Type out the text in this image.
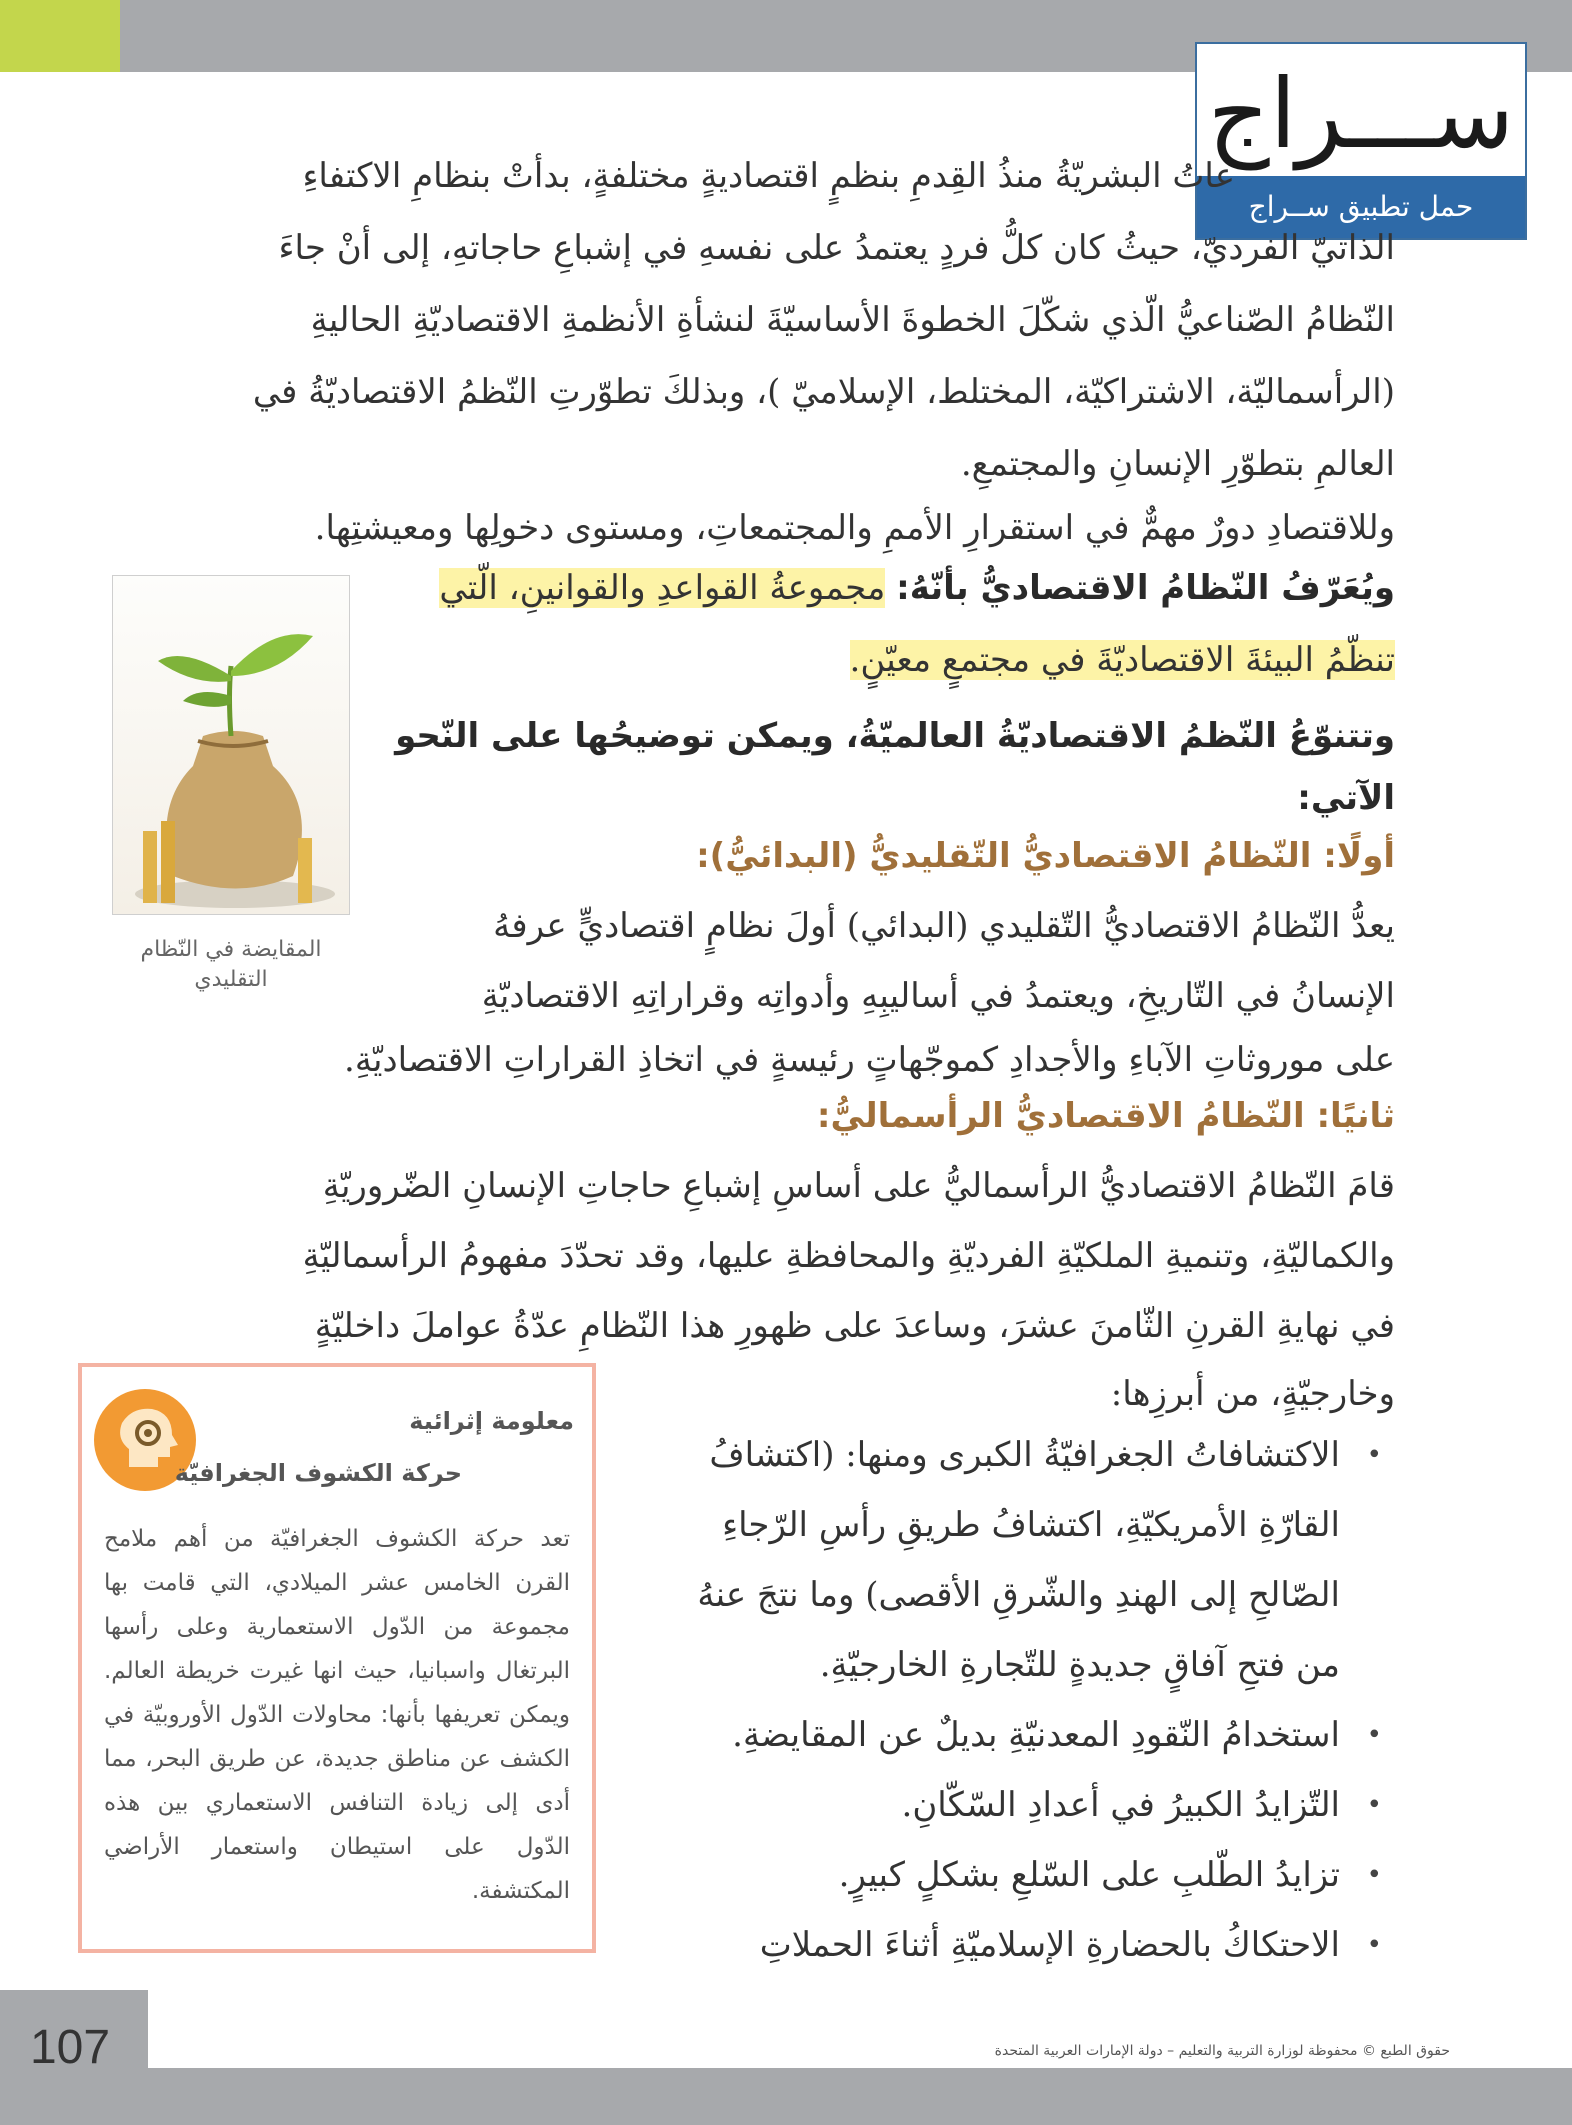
ســـراج
حمل تطبيق ســراج
عاتُ البشريّةُ منذُ القِدمِ بنظمٍ اقتصاديةٍ مختلفةٍ، بدأتْ بنظامِ الاكتفاءِ
الذاتيّ الفرديّ، حيثُ كان كلُّ فردٍ يعتمدُ على نفسهِ في إشباعِ حاجاتهِ، إلى أنْ جاءَ
النّظامُ الصّناعيُّ الّذي شكّلَ الخطوةَ الأساسيّةَ لنشأةِ الأنظمةِ الاقتصاديّةِ الحاليةِ
(الرأسماليّة، الاشتراكيّة، المختلط، الإسلاميّ )، وبذلكَ تطوّرتِ النّظمُ الاقتصاديّةُ في
العالمِ بتطوّرِ الإنسانِ والمجتمعِ.
وللاقتصادِ دورٌ مهمٌّ في استقرارِ الأممِ والمجتمعاتِ، ومستوى دخولِها ومعيشتِها.
ويُعَرّفُ النّظامُ الاقتصاديُّ بأنّهُ: مجموعةُ القواعدِ والقوانينِ، الّتي
تنظّمُ البيئةَ الاقتصاديّةَ في مجتمعٍ معيّنٍ.
وتتنوّعُ النّظمُ الاقتصاديّةُ العالميّةُ، ويمكن توضيحُها على النّحو
الآتي:
أولًا: النّظامُ الاقتصاديُّ التّقليديُّ (البدائيُّ):
يعدُّ النّظامُ الاقتصاديُّ التّقليدي (البدائي) أولَ نظامٍ اقتصاديٍّ عرفهُ
الإنسانُ في التّاريخِ، ويعتمدُ في أساليبِهِ وأدواتِه وقراراتِهِ الاقتصاديّةِ
على موروثاتِ الآباءِ والأجدادِ كموجّهاتٍ رئيسةٍ في اتخاذِ القراراتِ الاقتصاديّةِ.
ثانيًا: النّظامُ الاقتصاديُّ الرأسماليُّ:
قامَ النّظامُ الاقتصاديُّ الرأسماليُّ على أساسِ إشباعِ حاجاتِ الإنسانِ الضّروريّةِ
والكماليّةِ، وتنميةِ الملكيّةِ الفرديّةِ والمحافظةِ عليها، وقد تحدّدَ مفهومُ الرأسماليّةِ
في نهايةِ القرنِ الثّامنَ عشرَ، وساعدَ على ظهورِ هذا النّظامِ عدّةُ عواملَ داخليّةٍ
وخارجيّةٍ، من أبرزِها:
المقايضة في النّظام التقليدي
معلومة إثرائية
حركة الكشوف الجغرافيّة
تعد حركة الكشوف الجغرافيّة من أهم ملامح القرن الخامس عشر الميلادي، التي قامت بها مجموعة من الدّول الاستعمارية وعلى رأسها البرتغال واسبانيا، حيث انها غيرت خريطة العالم. ويمكن تعريفها بأنها: محاولات الدّول الأوروبيّة في الكشف عن مناطق جديدة، عن طريق البحر، مما أدى إلى زيادة التنافس الاستعماري بين هذه الدّول على استيطان واستعمار الأراضي المكتشفة.
• الاكتشافاتُ الجغرافيّةُ الكبرى ومنها: (اكتشافُ القارّةِ الأمريكيّةِ، اكتشافُ طريقِ رأسِ الرّجاءِ الصّالحِ إلى الهندِ والشّرقِ الأقصى) وما نتجَ عنهُ من فتحِ آفاقٍ جديدةٍ للتّجارةِ الخارجيّةِ.
• استخدامُ النّقودِ المعدنيّةِ بديلٌ عن المقايضةِ.
• التّزايدُ الكبيرُ في أعدادِ السّكّانِ.
• تزايدُ الطّلبِ على السّلعِ بشكلٍ كبيرٍ.
• الاحتكاكُ بالحضارةِ الإسلاميّةِ أثناءَ الحملاتِ
107	حقوق الطبع © محفوظة لوزارة التربية والتعليم – دولة الإمارات العربية المتحدة
